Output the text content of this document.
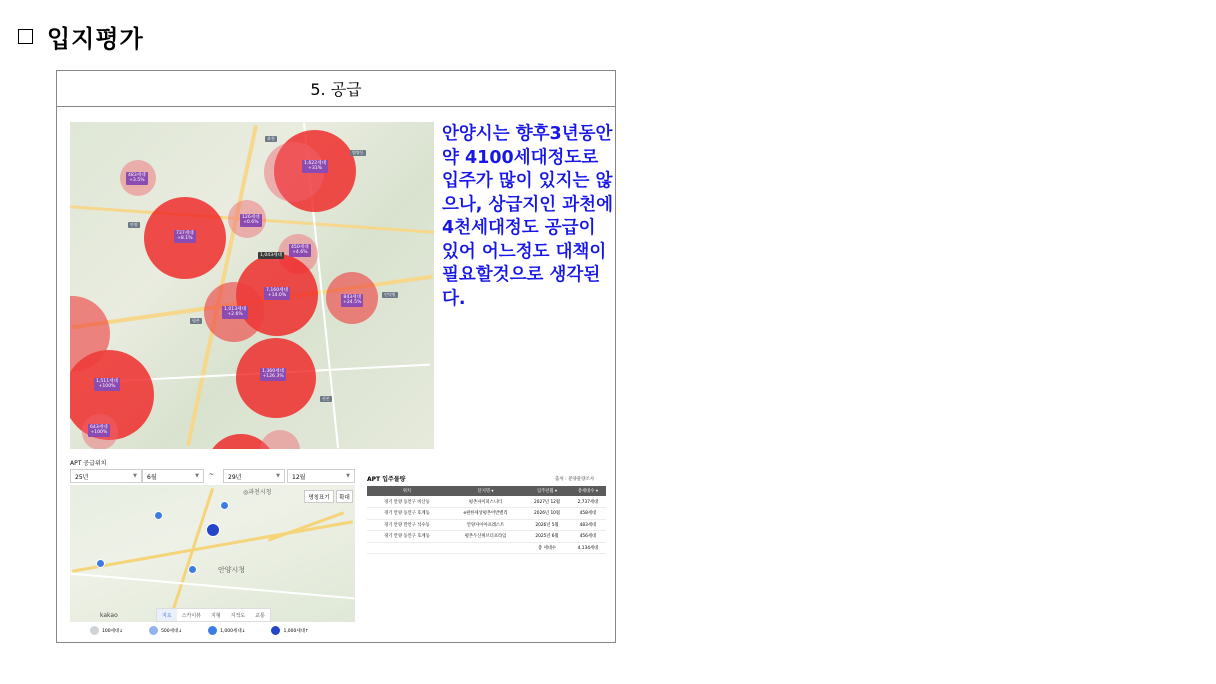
입지평가
5. 공급
과천
별양동
안양
인덕원
평촌
산본
1,622세대
+31%
483세대
+3.5%
737세대
+8.1%
126세대
+0.6%
450세대
+4.6%
1,043세대
7,160세대
+14.0%	843세대
+24.5%
1,013세대
+2.6%
1,360세대
+126.3%
1,511세대
+100%
643세대
+100%
안양시는 향후3년동안 약 4100세대정도로 입주가 많이 있지는 않으나, 상급지인 과천에 4천세대정도 공급이 있어 어느정도 대책이 필요할것으로 생각된다.
APT 공급위치
25년	▼ 6월	▼ ~ 29년	▼ 12월	▼
◎과천시청
안양시청
명칭표기	확대
kakao	지도	스카이뷰	지형	지적도	교통
100세대↓	500세대↓	1,000세대↓	1,000세대↑
APT 입주물량	출처 : 분양물량조사
위치	단지명 ▾	입주년월 ▾	총세대수 ▾
경기 안양 동안구 비산동	평촌자이퍼스니티	2027년 12월	2,737세대
경기 안양 동안구 호계동	e편한세상평촌어반밸리	2026년 10월	458세대
경기 안양 만안구 석수동	안양자이아프레스트	2026년 5월	483세대
경기 안양 동안구 호계동	평촌두산위브더프라임	2025년 6월	456세대
		총 세대수	4,134세대
